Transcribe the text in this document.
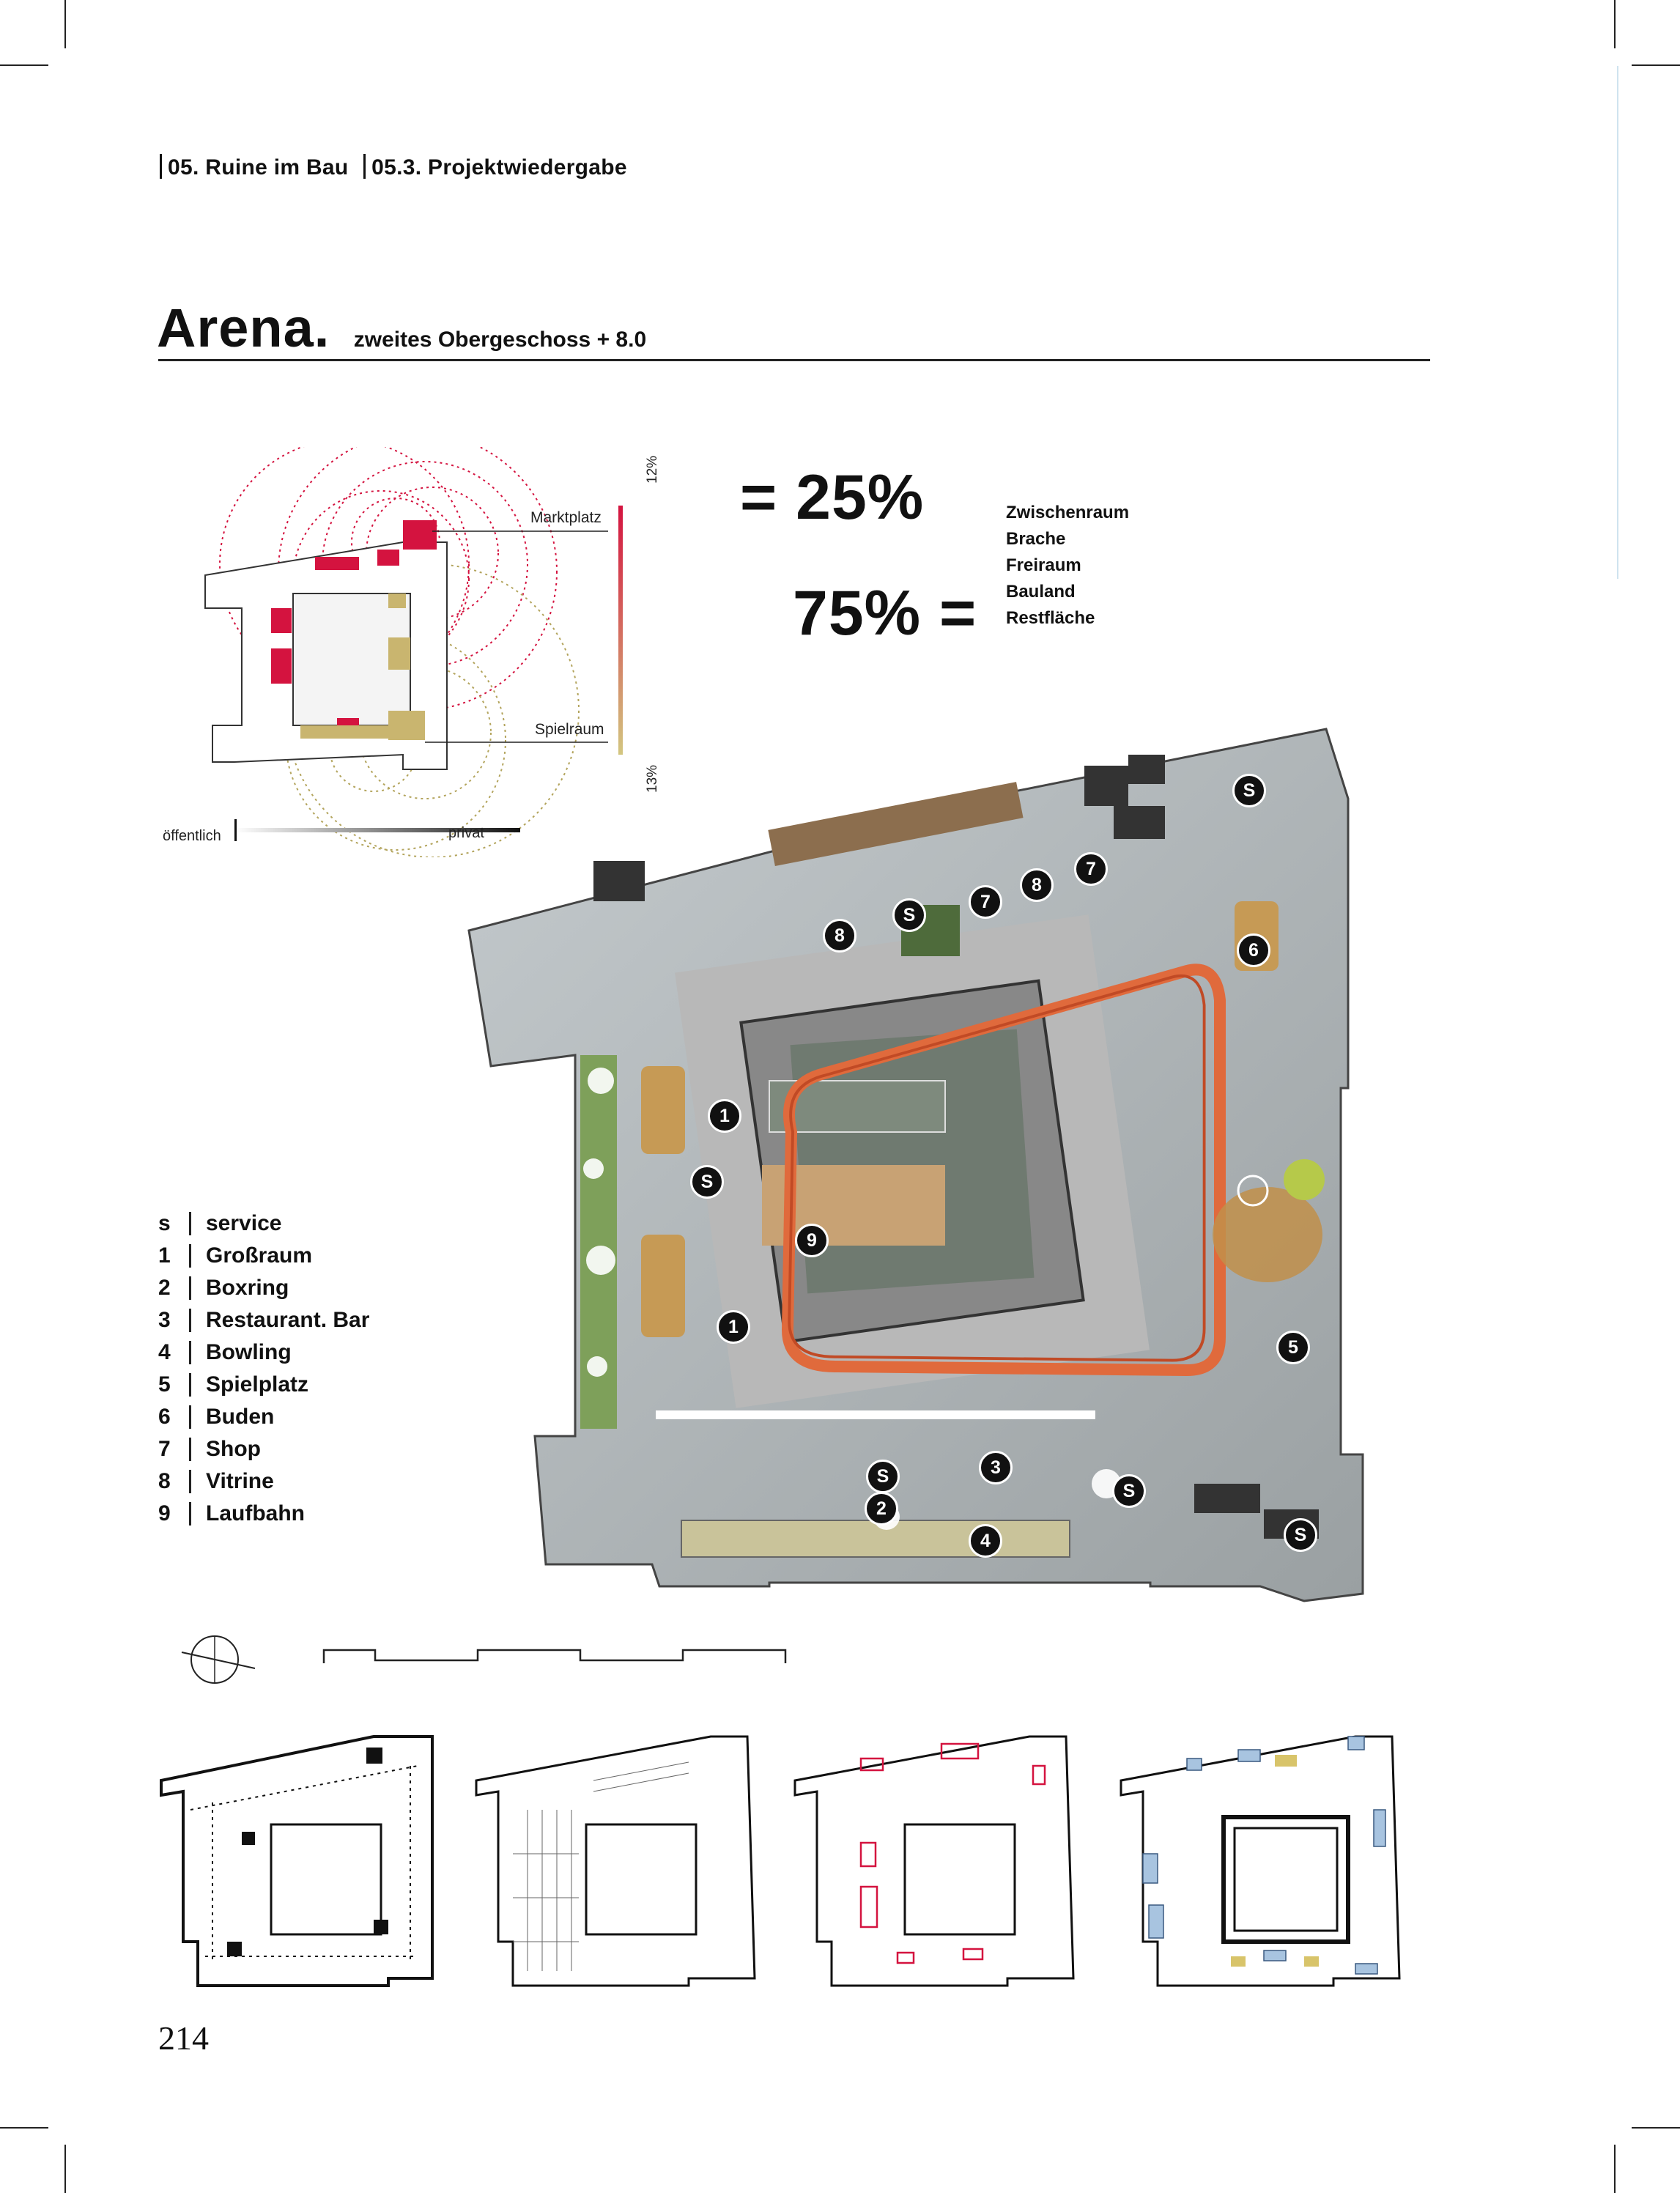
05. Ruine im Bau 05.3. Projektwiedergabe
Arena. zweites Obergeschoss + 8.0
Marktplatz
Spielraum
12%
13%
öffentlich	privat
= 25%
75% =
Zwischenraum
Brache
Freiraum
Bauland
Restfläche
S
8
S
7
8
7
6
1
S
9
1
5
S	3
2
S
4	S
s	service
1	Großraum
2	Boxring
3	Restaurant. Bar
4	Bowling
5	Spielplatz
6	Buden
7	Shop
8	Vitrine
9	Laufbahn
214
